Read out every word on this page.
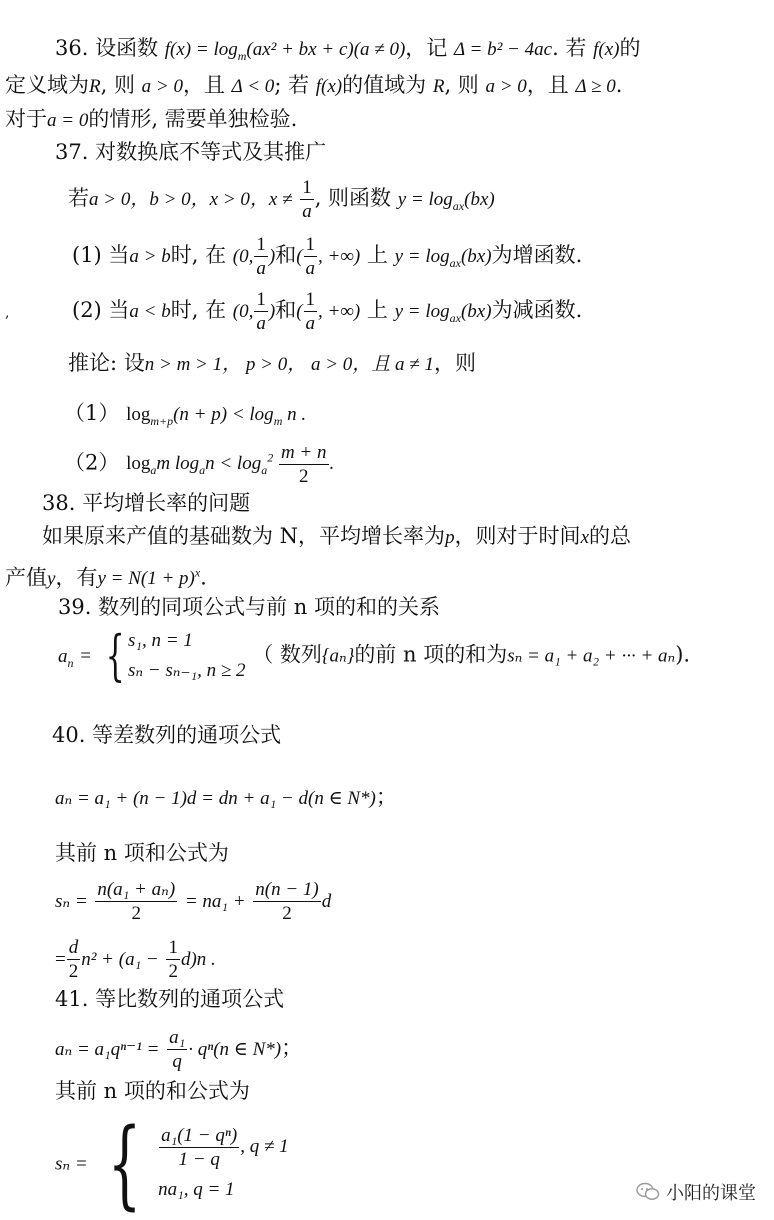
36. 设函数 $f(x) = \log_m(ax^2$ + bx + c)(a ≠ 0)，记 Δ = b² − 4ac. 若 f(x)的
定义域为R, 则 a > 0，且 Δ < 0; 若 f(x)的值域为 R, 则 a > 0，且 Δ ≥ 0.
对于a = 0的情形, 需要单独检验.
37. 对数换底不等式及其推广
若a > 0，b > 0，x > 0，$x \ne \frac{1}{a}$ , 则函数 $y = \log_{ax}(bx)$
(1) 当a > b时, 在 (0, $\frac{1}{a}$ )和( $\frac{1}{a}$ , +∞) 上 $y = \log_{ax}(bx)$为增函数.
,	(2) 当a < b时, 在 (0, $\frac{1}{a}$ )和( $\frac{1}{a}$ , +∞) 上 $y = \log_{ax}(bx)$为减函数.
推论: 设n > m > 1， p > 0， a > 0，且 a ≠ 1，则
（1） $\log_{m+p}(n + p) < \log_m n$ .
（2） $\log_am$ $\log_an < \log_a^2 \frac{m + n}{2}$ .
38. 平均增长率的问题
如果原来产值的基础数为 N，平均增长率为p，则对于时间x的总
产值y，有$y = N(1 + p)^x$.
39. 数列的同项公式与前 n 项的和的关系
$a_n$ = { s₁, n = 1
sₙ − sₙ₋₁, n ≥ 2
（ 数列{aₙ}的前 n 项的和为sₙ = a₁ + a₂ + ··· + aₙ).
40. 等差数列的通项公式
aₙ = a₁ + (n − 1)d = dn + a₁ − d(n ∈ N*)；
其前 n 项和公式为
$s_n = \frac{\text{n(a₁ + aₙ)}}{2} = na_1 + \frac{n(n - 1)}{2}$ d
= $\frac{d}{2} n^2 + (a_1 - \frac{1}{2} d)n$ .
41. 等比数列的通项公式
$a_n = a_1q^{n-1} = \frac{\text{a₁}}{q} \cdot q^n(n$ ∈ N*)；
其前 n 项的和公式为
sₙ = { $\frac{\text{a₁(1 − qⁿ)}}{1 - q}$ , q ≠ 1
na₁, q = 1	小阳的课堂
